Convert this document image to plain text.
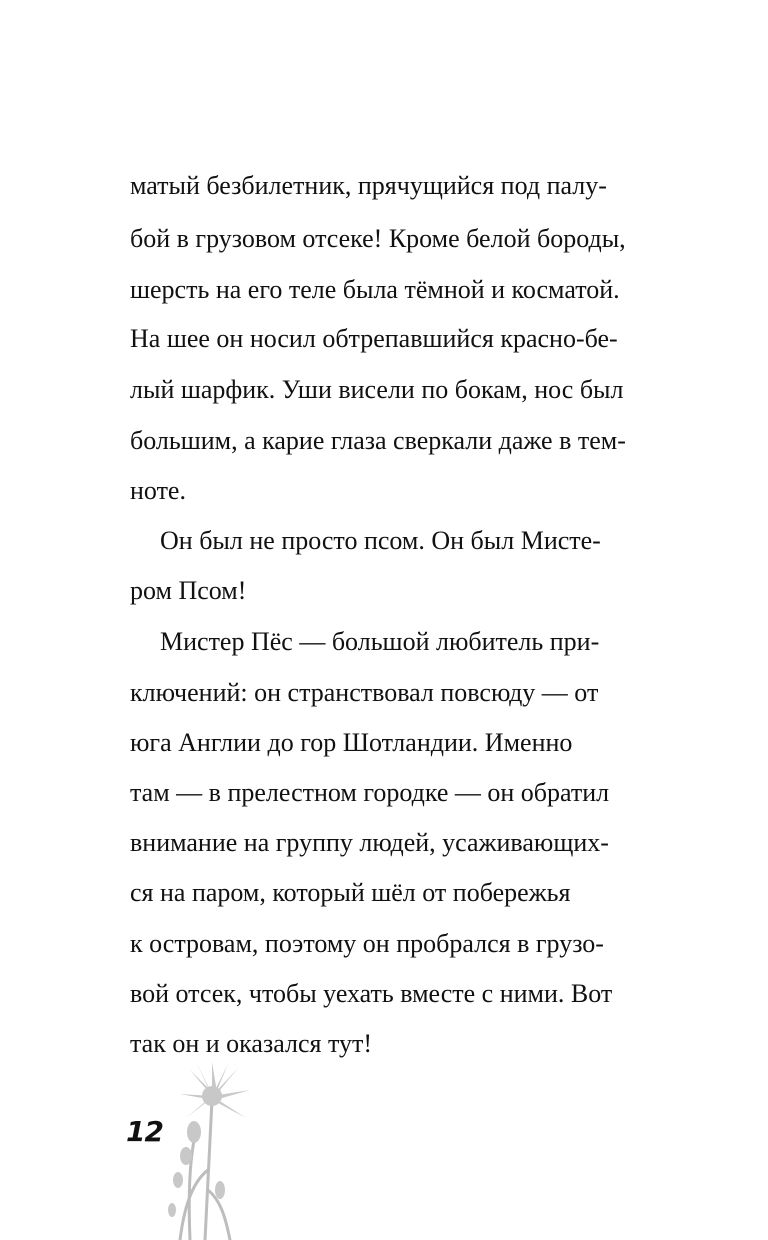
матый безбилетник, прячущийся под палу-
бой в грузовом отсеке! Кроме белой бороды,
шерсть на его теле была тёмной и косматой.
На шее он носил обтрепавшийся красно-бе-
лый шарфик. Уши висели по бокам, нос был
большим, а карие глаза сверкали даже в тем-
ноте.
Он был не просто псом. Он был Мисте-
ром Псом!
Мистер Пёс — большой любитель при-
ключений: он странствовал повсюду — от
юга Англии до гор Шотландии. Именно
там — в прелестном городке — он обратил
внимание на группу людей, усаживающих-
ся на паром, который шёл от побережья
к островам, поэтому он пробрался в грузо-
вой отсек, чтобы уехать вместе с ними. Вот
так он и оказался тут!
12
